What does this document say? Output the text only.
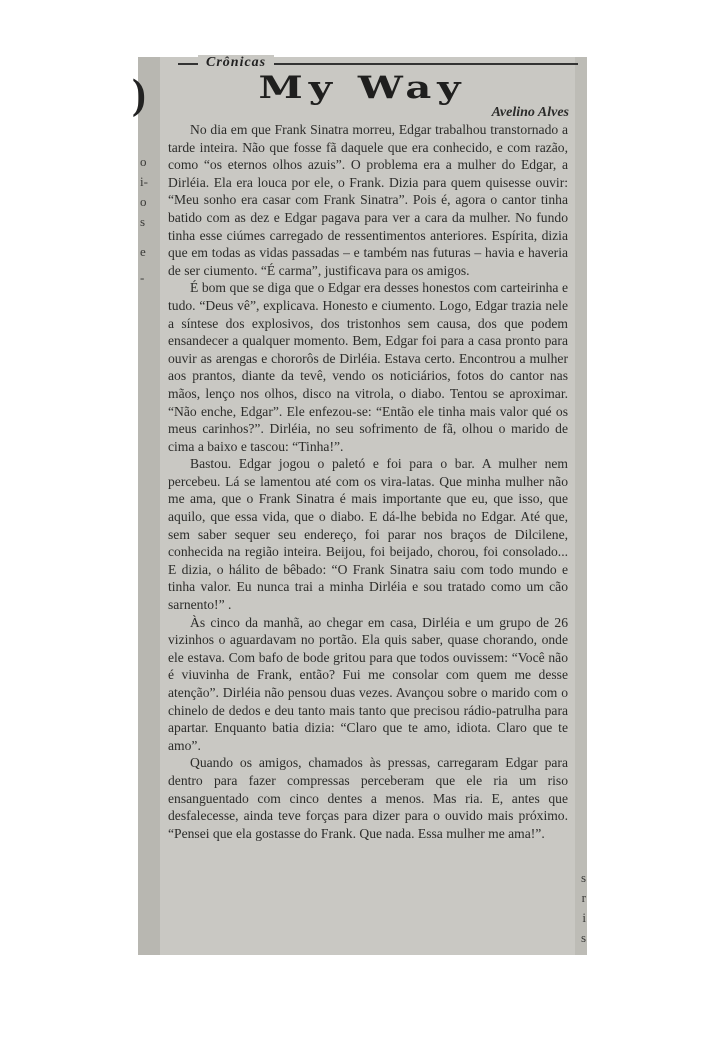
)
o
i-
o
s
e
-
s
r
i
s
Crônicas
My Way
Avelino Alves

No dia em que Frank Sinatra morreu, Edgar trabalhou transtornado a tarde inteira. Não que fosse fã daquele que era conhecido, e com razão, como “os eternos olhos azuis”. O problema era a mulher do Edgar, a Dirléia. Ela era louca por ele, o Frank. Dizia para quem quisesse ouvir: “Meu sonho era casar com Frank Sinatra”. Pois é, agora o cantor tinha batido com as dez e Edgar pagava para ver a cara da mulher. No fundo tinha esse ciúmes carregado de ressentimentos anteriores. Espírita, dizia que em todas as vidas passadas – e também nas futuras – havia e haveria de ser ciumento. “É carma”, justificava para os amigos.

É bom que se diga que o Edgar era desses honestos com carteirinha e tudo. “Deus vê”, explicava. Honesto e ciumento. Logo, Edgar trazia nele a síntese dos explosivos, dos tristonhos sem causa, dos que podem ensandecer a qualquer momento. Bem, Edgar foi para a casa pronto para ouvir as arengas e chororôs de Dirléia. Estava certo. Encontrou a mulher aos prantos, diante da tevê, vendo os noticiários, fotos do cantor nas mãos, lenço nos olhos, disco na vitrola, o diabo. Tentou se aproximar. “Não enche, Edgar”. Ele enfezou-se: “Então ele tinha mais valor qué os meus carinhos?”. Dirléia, no seu sofrimento de fã, olhou o marido de cima a baixo e tascou: “Tinha!”.

Bastou. Edgar jogou o paletó e foi para o bar. A mulher nem percebeu. Lá se lamentou até com os vira-latas. Que minha mulher não me ama, que o Frank Sinatra é mais importante que eu, que isso, que aquilo, que essa vida, que o diabo. E dá-lhe bebida no Edgar. Até que, sem saber sequer seu endereço, foi parar nos braços de Dilcilene, conhecida na região inteira. Beijou, foi beijado, chorou, foi consolado... E dizia, o hálito de bêbado: “O Frank Sinatra saiu com todo mundo e tinha valor. Eu nunca trai a minha Dirléia e sou tratado como um cão sarnento!” .

Às cinco da manhã, ao chegar em casa, Dirléia e um grupo de 26 vizinhos o aguardavam no portão. Ela quis saber, quase chorando, onde ele estava. Com bafo de bode gritou para que todos ouvissem: “Você não é viuvinha de Frank, então? Fui me consolar com quem me desse atenção”. Dirléia não pensou duas vezes. Avançou sobre o marido com o chinelo de dedos e deu tanto mais tanto que precisou rádio-patrulha para apartar. Enquanto batia dizia: “Claro que te amo, idiota. Claro que te amo”.

Quando os amigos, chamados às pressas, carregaram Edgar para dentro para fazer compressas perceberam que ele ria um riso ensanguentado com cinco dentes a menos. Mas ria. E, antes que desfalecesse, ainda teve forças para dizer para o ouvido mais próximo. “Pensei que ela gostasse do Frank. Que nada. Essa mulher me ama!”.
